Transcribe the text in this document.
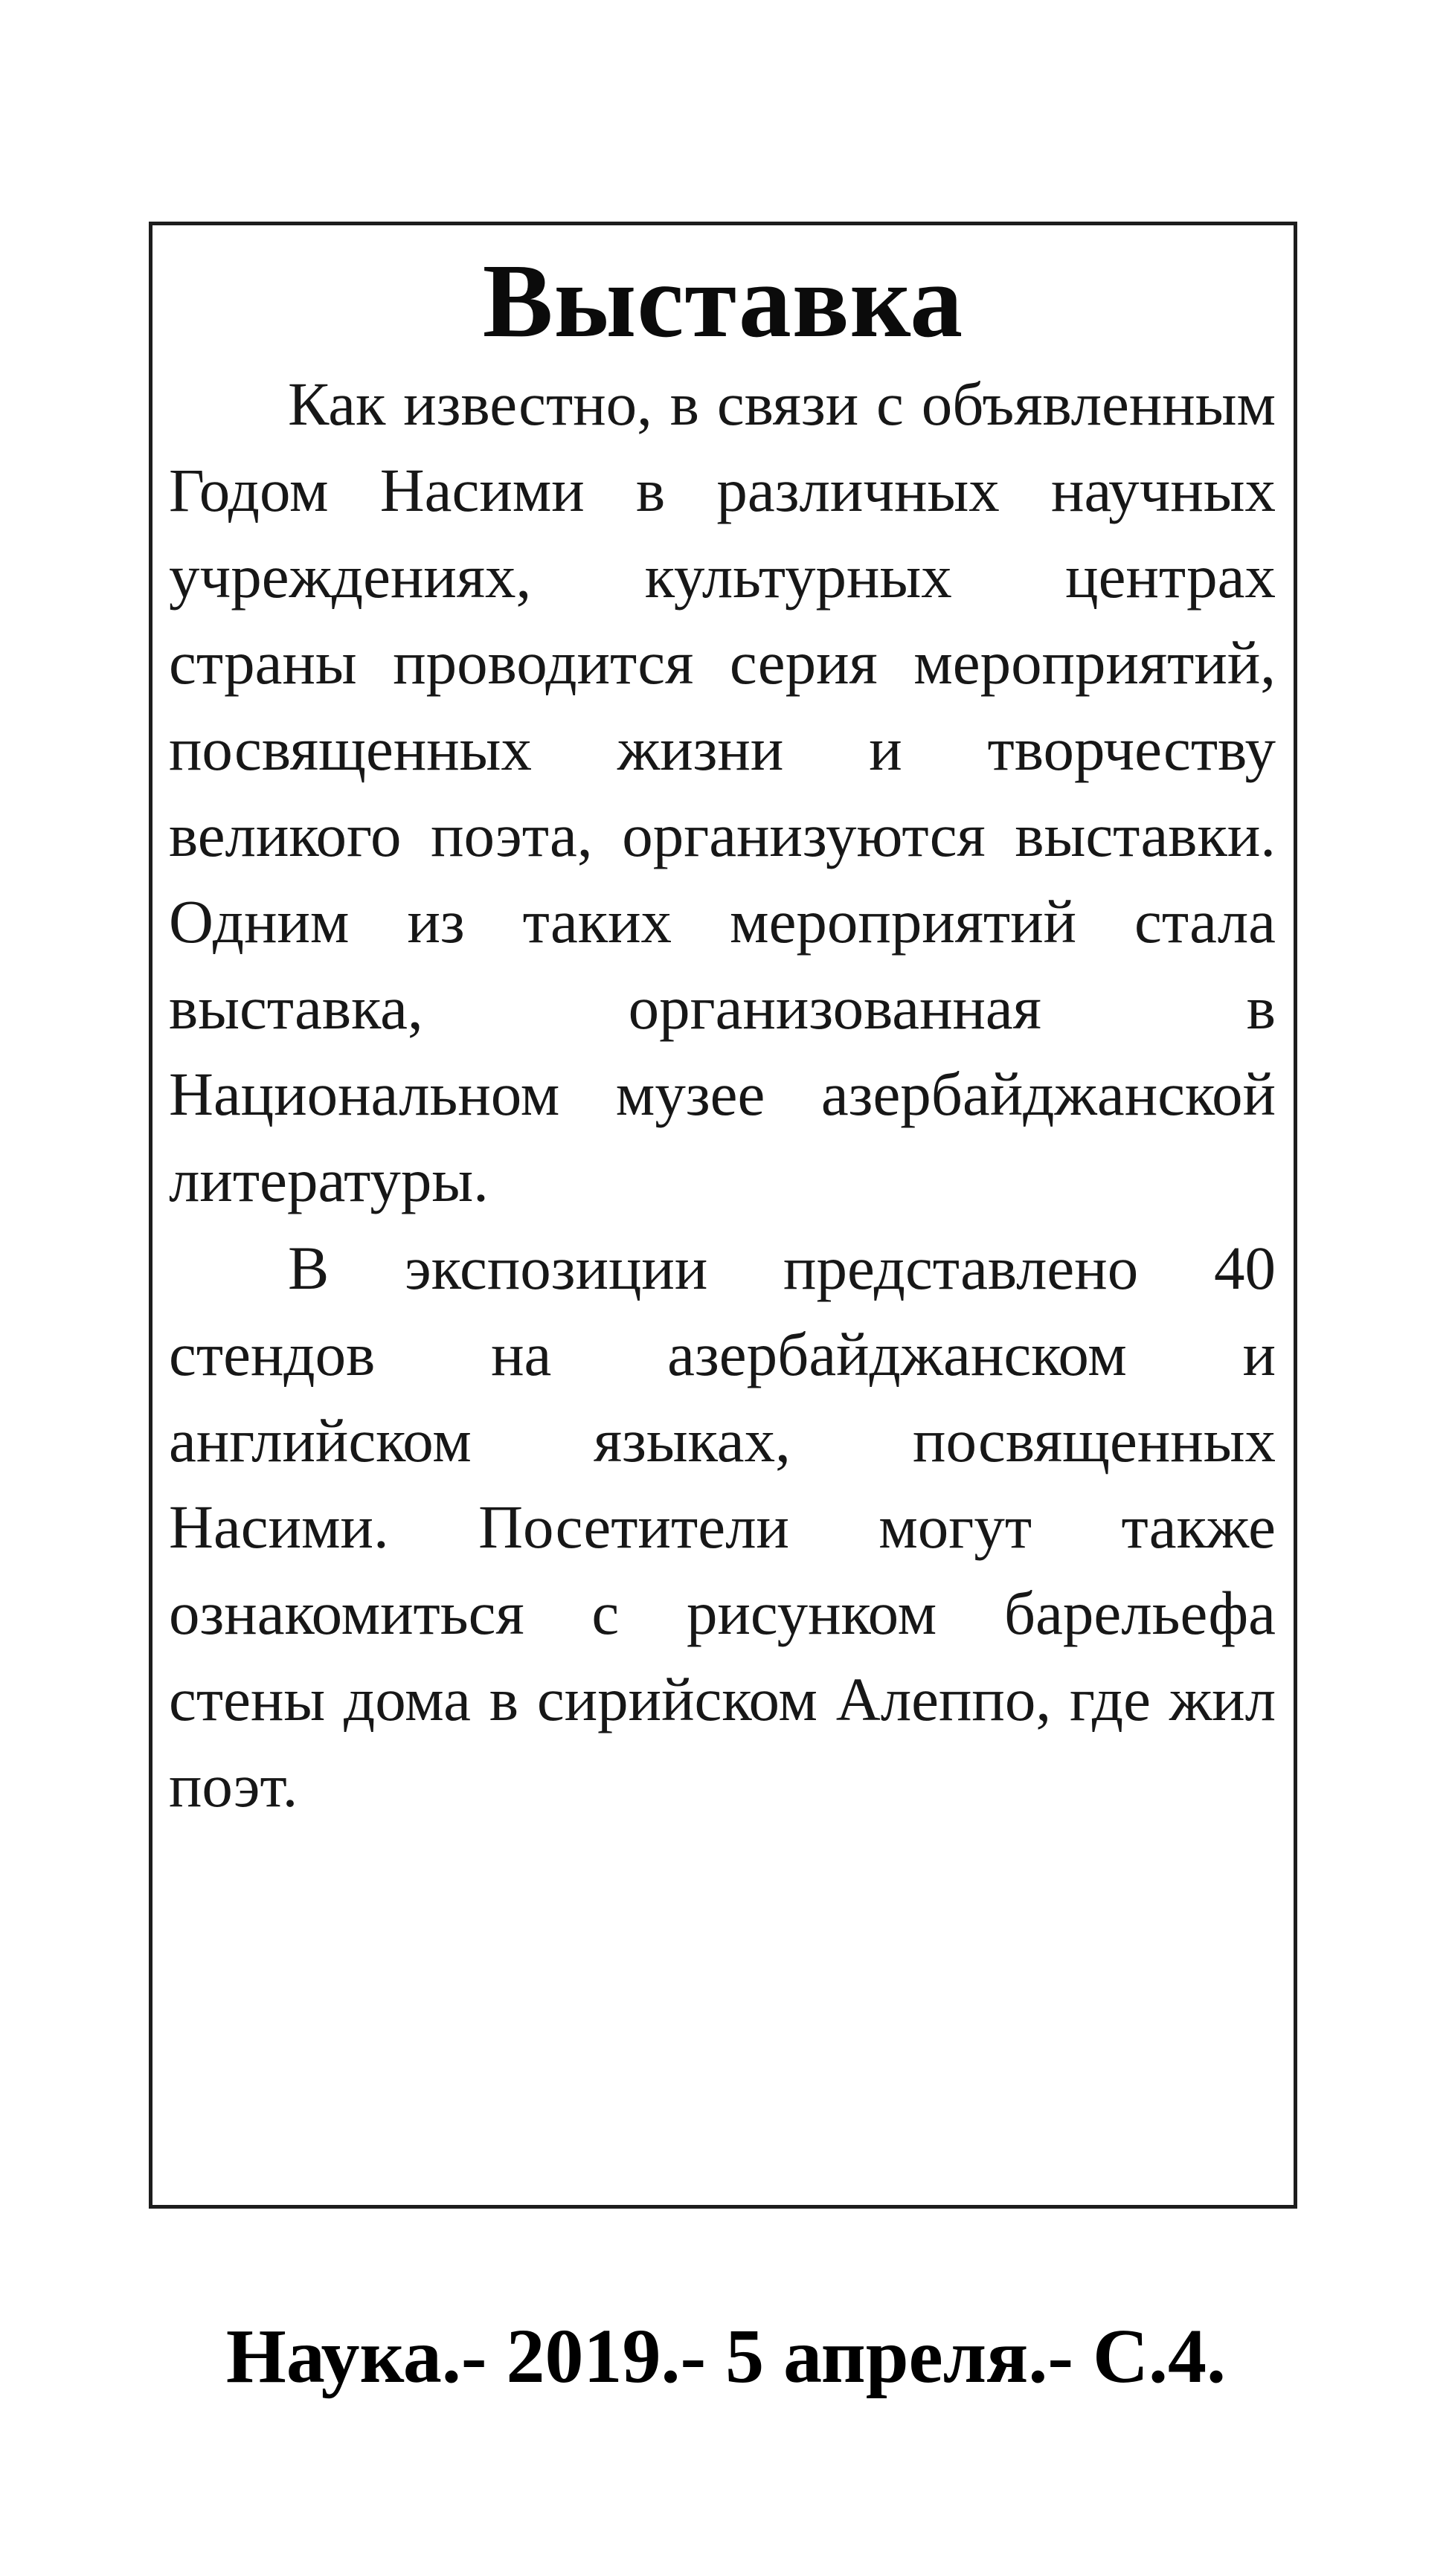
Выставка

Как известно, в связи с объявленным Годом Насими в различных научных учреждениях, культурных центрах страны проводится серия мероприятий, посвященных жизни и творчеству великого поэта, организуются выставки. Одним из таких мероприятий стала выставка, организованная в Национальном музее азербайджанской литературы.

В экспозиции представлено 40 стендов на азербайджанском и английском языках, посвященных Насими. Посетители могут также ознакомиться с рисунком барельефа стены дома в сирийском Алеппо, где жил поэт.

Наука.- 2019.- 5 апреля.- С.4.
